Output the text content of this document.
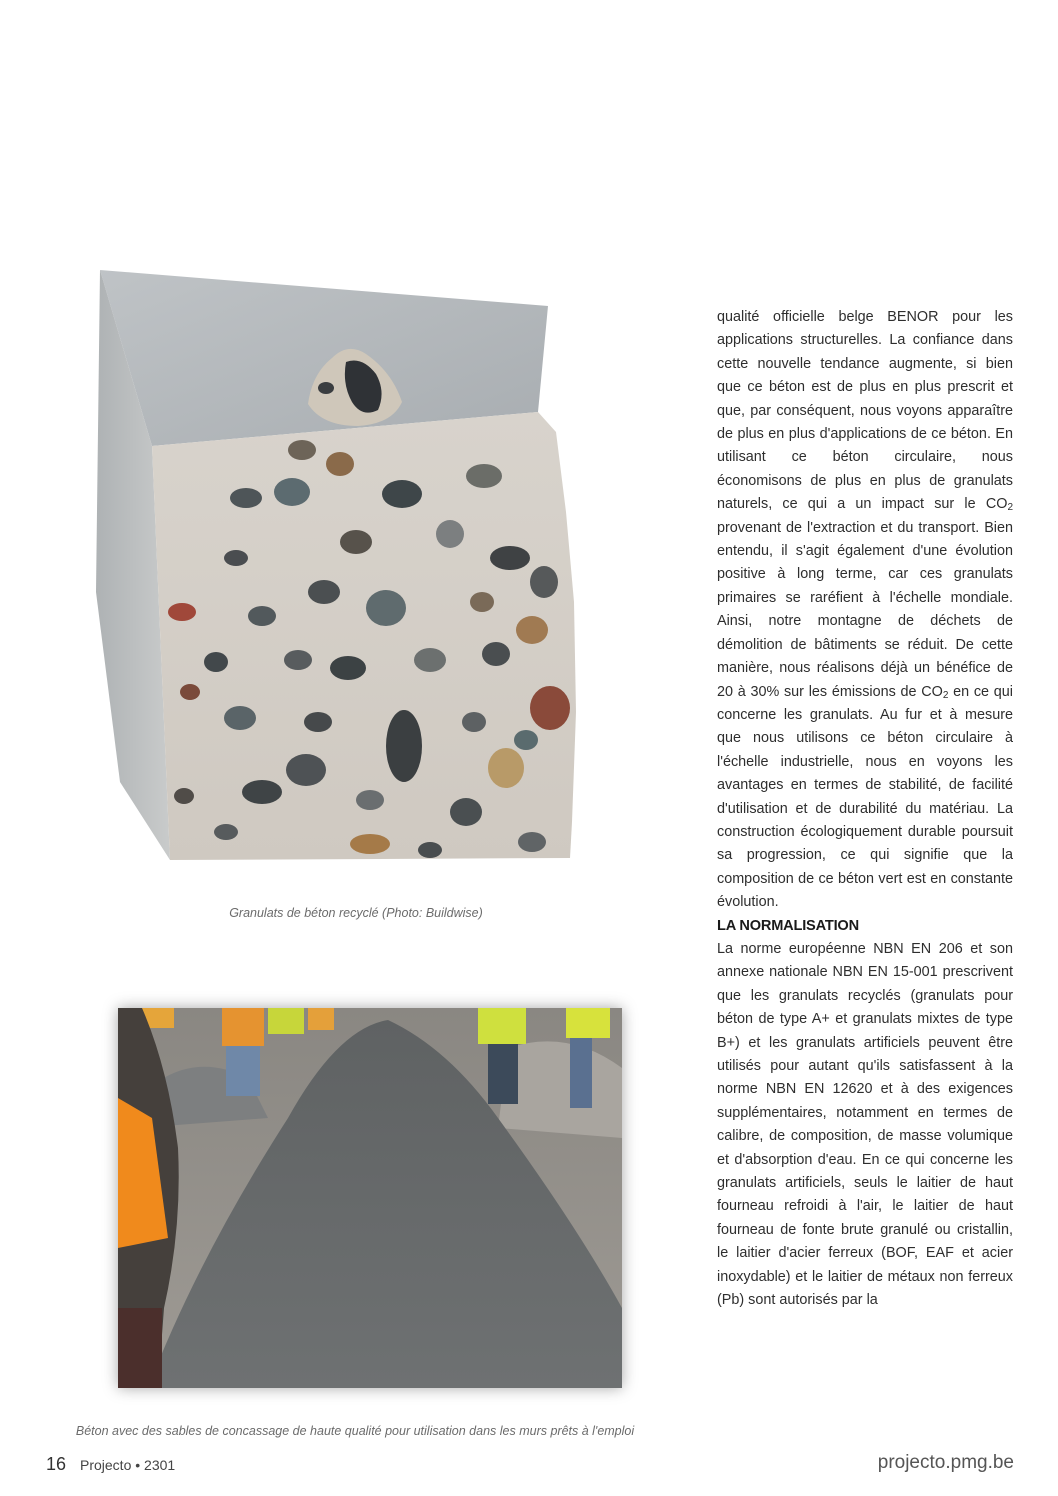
Granulats de béton recyclé (Photo: Buildwise)
Béton avec des sables de concassage de haute qualité pour utilisation dans les murs prêts à l'emploi

qualité officielle belge BENOR pour les applications structurelles. La confiance dans cette nouvelle tendance augmente, si bien que ce béton est de plus en plus prescrit et que, par conséquent, nous voyons apparaître de plus en plus d'applications de ce béton. En utilisant ce béton circulaire, nous économisons de plus en plus de granulats naturels, ce qui a un impact sur le $CO_2$ provenant de l'extraction et du transport. Bien entendu, il s'agit également d'une évolution positive à long terme, car ces granulats primaires se raréfient à l'échelle mondiale. Ainsi, notre montagne de déchets de démolition de bâtiments se réduit. De cette manière, nous réalisons déjà un bénéfice de 20 à 30% sur les émissions de $CO_2$ en ce qui concerne les granulats. Au fur et à mesure que nous utilisons ce béton circulaire à l'échelle industrielle, nous en voyons les avantages en termes de stabilité, de facilité d'utilisation et de durabilité du matériau. La construction écologiquement durable poursuit sa progression, ce qui signifie que la composition de ce béton vert est en constante évolution.

LA NORMALISATION

La norme européenne NBN EN 206 et son annexe nationale NBN EN 15-001 prescrivent que les granulats recyclés (granulats pour béton de type A+ et granulats mixtes de type B+) et les granulats artificiels peuvent être utilisés pour autant qu'ils satisfassent à la norme NBN EN 12620 et à des exigences supplémentaires, notamment en termes de calibre, de composition, de masse volumique et d'absorption d'eau. En ce qui concerne les granulats artificiels, seuls le laitier de haut fourneau refroidi à l'air, le laitier de haut fourneau de fonte brute granulé ou cristallin, le laitier d'acier ferreux (BOF, EAF et acier inoxydable) et le laitier de métaux non ferreux (Pb) sont autorisés par la

16 Projecto • 2301	projecto.pmg.be
